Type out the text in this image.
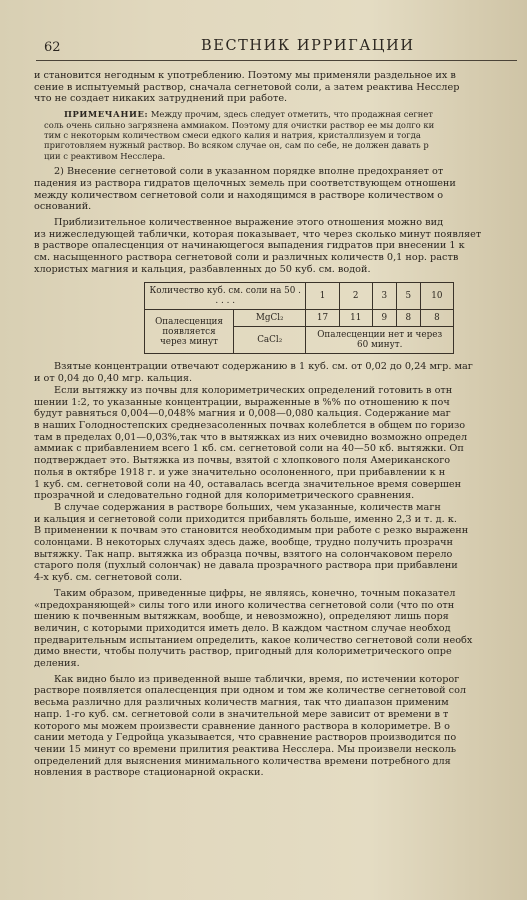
62	ВЕСТНИК ИРРИГАЦИИ

и становится негодным к употреблению. Поэтому мы применяли раздельное их в

сение в испытуемый раствор, сначала сегнетовой соли, а затем реактива Несслер

что не создает никаких затруднений при работе.

ПРИМЕЧАНИЕ: Между прочим, здесь следует отметить, что продажная сегнет

соль очень сильно загрязнена аммиаком. Поэтому для очистки раствор ее мы долго ки

тим с некоторым количеством смеси едкого калия и натрия, кристаллизуем и тогда

приготовляем нужный раствор. Во всяком случае он, сам по себе, не должен давать р

ции с реактивом Несслера.

2) Внесение сегнетовой соли в указанном порядке вполне предохраняет от

падения из раствора гидратов щелочных земель при соответствующем отношени

между количеством сегнетовой соли и находящимся в растворе количеством о

оснований.

Приблизительное количественное выражение этого отношения можно вид

из нижеследующей таблички, которая показывает, что через сколько минут появляет

в растворе опалесценция от начинающегося выпадения гидратов при внесении 1 к

см. насыщенного раствора сегнетовой соли и различных количеств 0,1 нор. раств

хлористых магния и кальция, разбавленных до 50 куб. см. водой.

Количество куб. см. соли на 50 . . . . .		1	2	3	5	10
Опалесценция появляется через минут	MgCl₂	17	11	9	8	8
	CaCl₂	Опалесценции нет и через 60 минут.				

Взятые концентрации отвечают содержанию в 1 куб. см. от 0,02 до 0,24 мгр. маг

и от 0,04 до 0,40 мгр. кальция.

Если вытяжку из почвы для колориметрических определений готовить в отн

шении 1:2, то указанные концентрации, выраженные в %% по отношению к поч

будут равняться 0,004—0,048% магния и 0,008—0,080 кальция. Содержание маг

в наших Голодностепских среднезасоленных почвах колеблется в общем по горизо

там в пределах 0,01—0,03%,так что в вытяжках из них очевидно возможно определ

аммиак с прибавлением всего 1 кб. см. сегнетовой соли на 40—50 кб. вытяжки. Оп

подтверждает это. Вытяжка из почвы, взятой с хлопкового поля Американского

полья в октябре 1918 г. и уже значительно осолоненного, при прибавлении к н

1 куб. см. сегнетовой соли на 40, оставалась всегда значительное время совершен

прозрачной и следовательно годной для колориметрического сравнения.

В случае содержания в растворе больших, чем указанные, количеств магн

и кальция и сегнетовой соли приходится прибавлять больше, именно 2,3 и т. д. к.

В применении к почвам это становится необходимым при работе с резко выраженн

солонцами. В некоторых случаях здесь даже, вообще, трудно получить прозрачн

вытяжку. Так напр. вытяжка из образца почвы, взятого на солончаковом перело

старого поля (пухлый солончак) не давала прозрачного раствора при прибавлени

4-х куб. см. сегнетовой соли.

Таким образом, приведенные цифры, не являясь, конечно, точным показател

«предохраняющей» силы того или иного количества сегнетовой соли (что по отн

шению к почвенным вытяжкам, вообще, и невозможно), определяют лишь поря

величин, с которыми приходится иметь дело. В каждом частном случае необход

предварительным испытанием определить, какое количество сегнетовой соли необх

димо внести, чтобы получить раствор, пригодный для колориметрического опре

деления.

Как видно было из приведенной выше таблички, время, по истечении которог

растворе появляется опалесценция при одном и том же количестве сегнетовой сол

весьма различно для различных количеств магния, так что диапазон применим

напр. 1-го куб. см. сегнетовой соли в значительной мере зависит от времени в т

которого мы можем произвести сравнение данного раствора в колориметре. В о

сании метода у Гедройца указывается, что сравнение растворов производится по

чении 15 минут со времени прилития реактива Несслера. Мы произвели несколь

определений для выяснения минимального количества времени потребного для

новления в растворе стационарной окраски.
